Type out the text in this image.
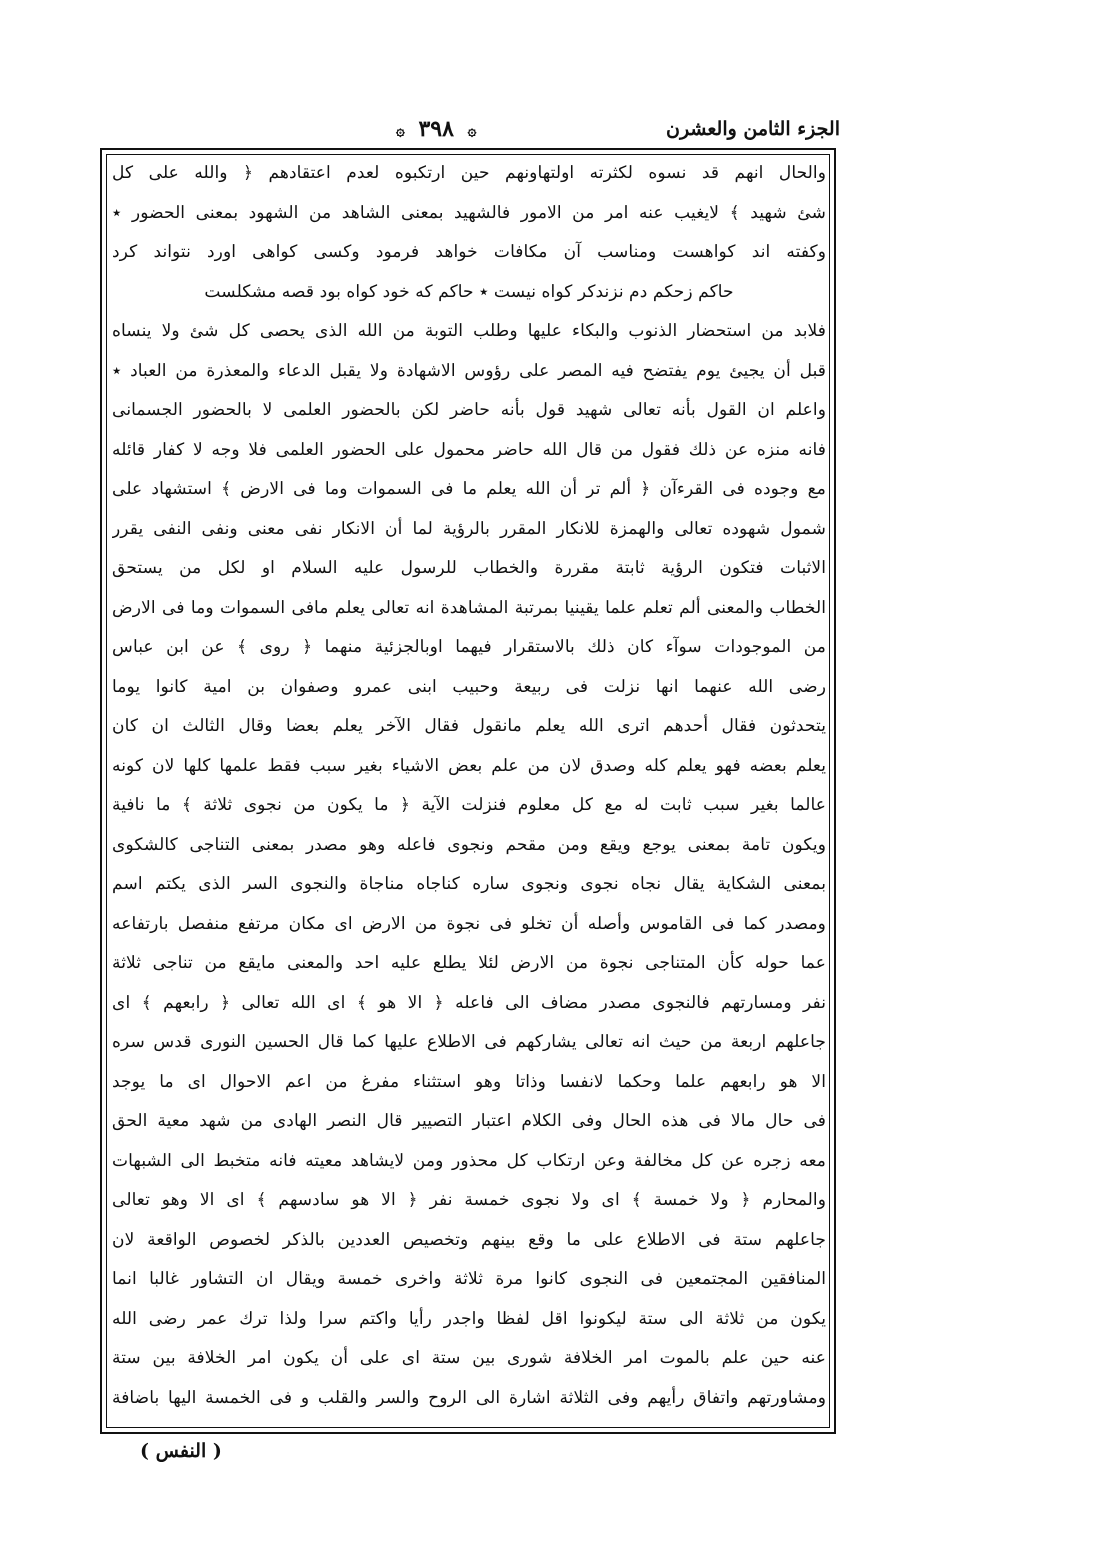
الجزء الثامن والعشرن
۞ ۳۹۸ ۞
والحال انهم قد نسوه لكثرته اولتهاونهم حين ارتكبوه لعدم اعتقادهم ﴿ والله على كل
شئ شهيد ﴾ لايغيب عنه امر من الامور فالشهيد بمعنى الشاهد من الشهود بمعنى الحضور ٭
وكفته اند كواهست ومناسب آن مكافات خواهد فرمود وكسى كواهى اورد نتواند كرد
حاكم زحكم دم نزندكر كواه نيست ٭ حاكم كه خود كواه بود قصه مشكلست
فلابد من استحضار الذنوب والبكاء عليها وطلب التوبة من الله الذى يحصى كل شئ ولا ينساه
قبل أن يجيئ يوم يفتضح فيه المصر على رؤوس الاشهادة ولا يقبل الدعاء والمعذرة من العباد ٭
واعلم ان القول بأنه تعالى شهيد قول بأنه حاضر لكن بالحضور العلمى لا بالحضور الجسمانى
فانه منزه عن ذلك فقول من قال الله حاضر محمول على الحضور العلمى فلا وجه لا كفار قائله
مع وجوده فى القرءآن ﴿ ألم تر أن الله يعلم ما فى السموات وما فى الارض ﴾ استشهاد على
شمول شهوده تعالى والهمزة للانكار المقرر بالرؤية لما أن الانكار نفى معنى ونفى النفى يقرر
الاثبات فتكون الرؤية ثابتة مقررة والخطاب للرسول عليه السلام او لكل من يستحق
الخطاب والمعنى ألم تعلم علما يقينيا بمرتبة المشاهدة انه تعالى يعلم مافى السموات وما فى الارض
من الموجودات سوآء كان ذلك بالاستقرار فيهما اوبالجزئية منهما ﴿ روى ﴾ عن ابن عباس
رضى الله عنهما انها نزلت فى ربيعة وحبيب ابنى عمرو وصفوان بن امية كانوا يوما
يتحدثون فقال أحدهم اترى الله يعلم مانقول فقال الآخر يعلم بعضا وقال الثالث ان كان
يعلم بعضه فهو يعلم كله وصدق لان من علم بعض الاشياء بغير سبب فقط علمها كلها لان كونه
عالما بغير سبب ثابت له مع كل معلوم فنزلت الآية ﴿ ما يكون من نجوى ثلاثة ﴾ ما نافية
ويكون تامة بمعنى يوجع ويقع ومن مقحم ونجوى فاعله وهو مصدر بمعنى التناجى كالشكوى
بمعنى الشكاية يقال نجاه نجوى ونجوى ساره كناجاه مناجاة والنجوى السر الذى يكتم اسم
ومصدر كما فى القاموس وأصله أن تخلو فى نجوة من الارض اى مكان مرتفع منفصل بارتفاعه
عما حوله كأن المتناجى نجوة من الارض لئلا يطلع عليه احد والمعنى مايقع من تناجى ثلاثة
نفر ومسارتهم فالنجوى مصدر مضاف الى فاعله ﴿ الا هو ﴾ اى الله تعالى ﴿ رابعهم ﴾ اى
جاعلهم اربعة من حيث انه تعالى يشاركهم فى الاطلاع عليها كما قال الحسين النورى قدس سره
الا هو رابعهم علما وحكما لانفسا وذاتا وهو استثناء مفرغ من اعم الاحوال اى ما يوجد
فى حال مالا فى هذه الحال وفى الكلام اعتبار التصيير قال النصر الهادى من شهد معية الحق
معه زجره عن كل مخالفة وعن ارتكاب كل محذور ومن لايشاهد معيته فانه متخبط الى الشبهات
والمحارم ﴿ ولا خمسة ﴾ اى ولا نجوى خمسة نفر ﴿ الا هو سادسهم ﴾ اى الا وهو تعالى
جاعلهم ستة فى الاطلاع على ما وقع بينهم وتخصيص العددين بالذكر لخصوص الواقعة لان
المنافقين المجتمعين فى النجوى كانوا مرة ثلاثة واخرى خمسة ويقال ان التشاور غالبا انما
يكون من ثلاثة الى ستة ليكونوا اقل لفظا واجدر رأيا واكتم سرا ولذا ترك عمر رضى الله
عنه حين علم بالموت امر الخلافة شورى بين ستة اى على أن يكون امر الخلافة بين ستة
ومشاورتهم واتفاق رأيهم وفى الثلاثة اشارة الى الروح والسر والقلب و فى الخمسة اليها باضافة
( النفس )
